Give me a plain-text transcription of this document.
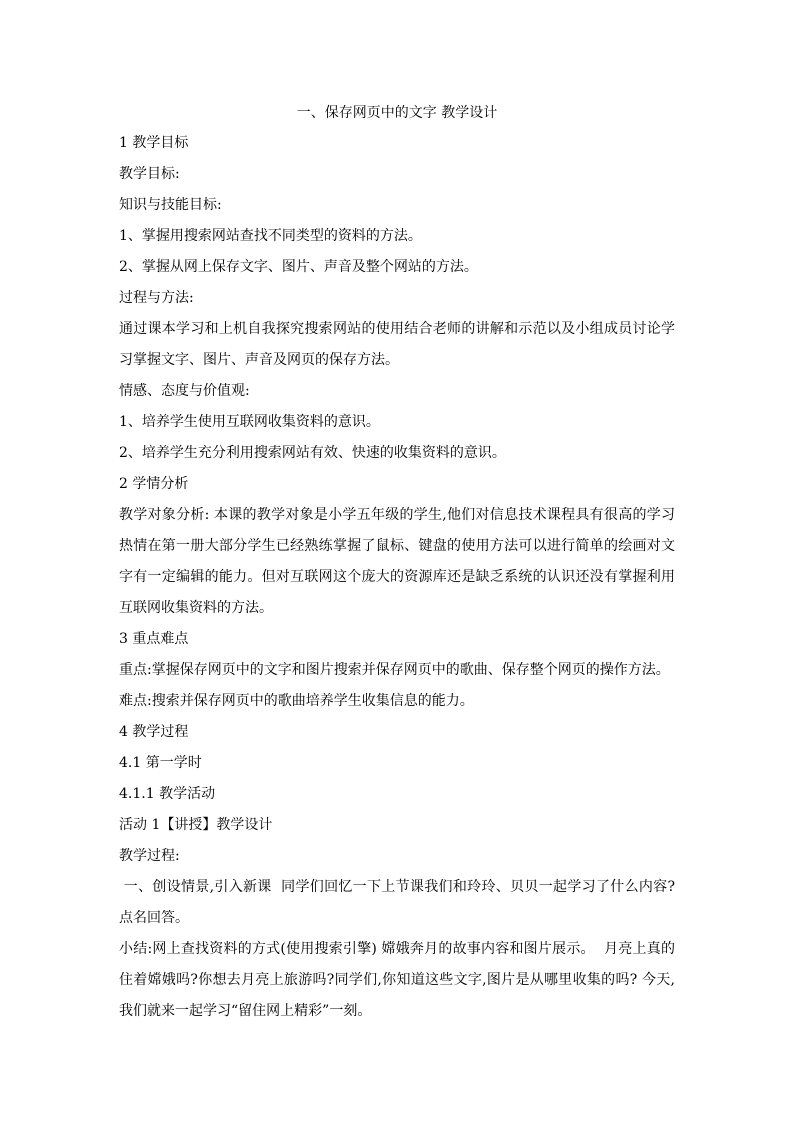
一、保存网页中的文字 教学设计

1 教学目标

教学目标:

知识与技能目标:

1、掌握用搜索网站查找不同类型的资料的方法。

2、掌握从网上保存文字、图片、声音及整个网站的方法。

过程与方法:

通过课本学习和上机自我探究搜索网站的使用结合老师的讲解和示范以及小组成员讨论学习掌握文字、图片、声音及网页的保存方法。

情感、态度与价值观:

1、培养学生使用互联网收集资料的意识。

2、培养学生充分利用搜索网站有效、快速的收集资料的意识。

2 学情分析

教学对象分析: 本课的教学对象是小学五年级的学生,他们对信息技术课程具有很高的学习热情在第一册大部分学生已经熟练掌握了鼠标、键盘的使用方法可以进行简单的绘画对文字有一定编辑的能力。但对互联网这个庞大的资源库还是缺乏系统的认识还没有掌握利用互联网收集资料的方法。

3 重点难点

重点:掌握保存网页中的文字和图片搜索并保存网页中的歌曲、保存整个网页的操作方法。

难点:搜索并保存网页中的歌曲培养学生收集信息的能力。

4 教学过程

4.1 第一学时

4.1.1 教学活动

活动 1【讲授】教学设计

教学过程:

一、创设情景,引入新课  同学们回忆一下上节课我们和玲玲、贝贝一起学习了什么内容?点名回答。

小结:网上查找资料的方式(使用搜索引擎) 嫦娥奔月的故事内容和图片展示。  月亮上真的住着嫦娥吗?你想去月亮上旅游吗?同学们,你知道这些文字,图片是从哪里收集的吗? 今天,我们就来一起学习“留住网上精彩”一刻。
